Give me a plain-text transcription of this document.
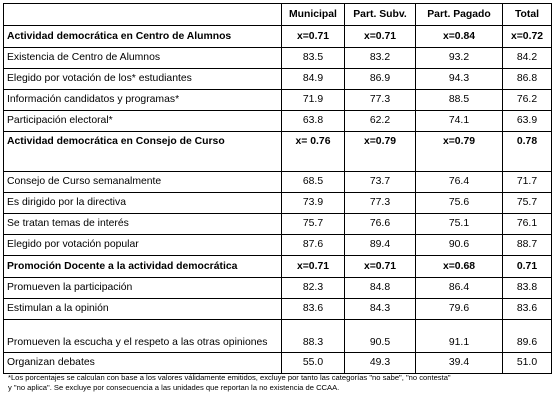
	Municipal	Part. Subv.	Part. Pagado	Total
Actividad democrática en Centro de Alumnos	x=0.71	x=0.71	x=0.84	x=0.72
Existencia de Centro de Alumnos	83.5	83.2	93.2	84.2
Elegido por votación de los* estudiantes	84.9	86.9	94.3	86.8
Información candidatos y programas*	71.9	77.3	88.5	76.2
Participación electoral*	63.8	62.2	74.1	63.9
Actividad democrática en Consejo de Curso	x= 0.76	x=0.79	x=0.79	0.78
Consejo de Curso semanalmente	68.5	73.7	76.4	71.7
Es dirigido por la directiva	73.9	77.3	75.6	75.7
Se tratan temas de interés	75.7	76.6	75.1	76.1
Elegido por votación popular	87.6	89.4	90.6	88.7
Promoción Docente a la actividad democrática	x=0.71	x=0.71	x=0.68	0.71
Promueven la participación	82.3	84.8	86.4	83.8
Estimulan a la opinión	83.6	84.3	79.6	83.6
Promueven la escucha y el respeto a las otras opiniones	88.3	90.5	91.1	89.6
Organizan debates	55.0	49.3	39.4	51.0
*Los porcentajes se calculan con base a los valores válidamente emitidos, excluye por tanto las categorías "no sabe", "no contesta"
y "no aplica". Se excluye por consecuencia a las unidades que reportan la no existencia de CCAA.
